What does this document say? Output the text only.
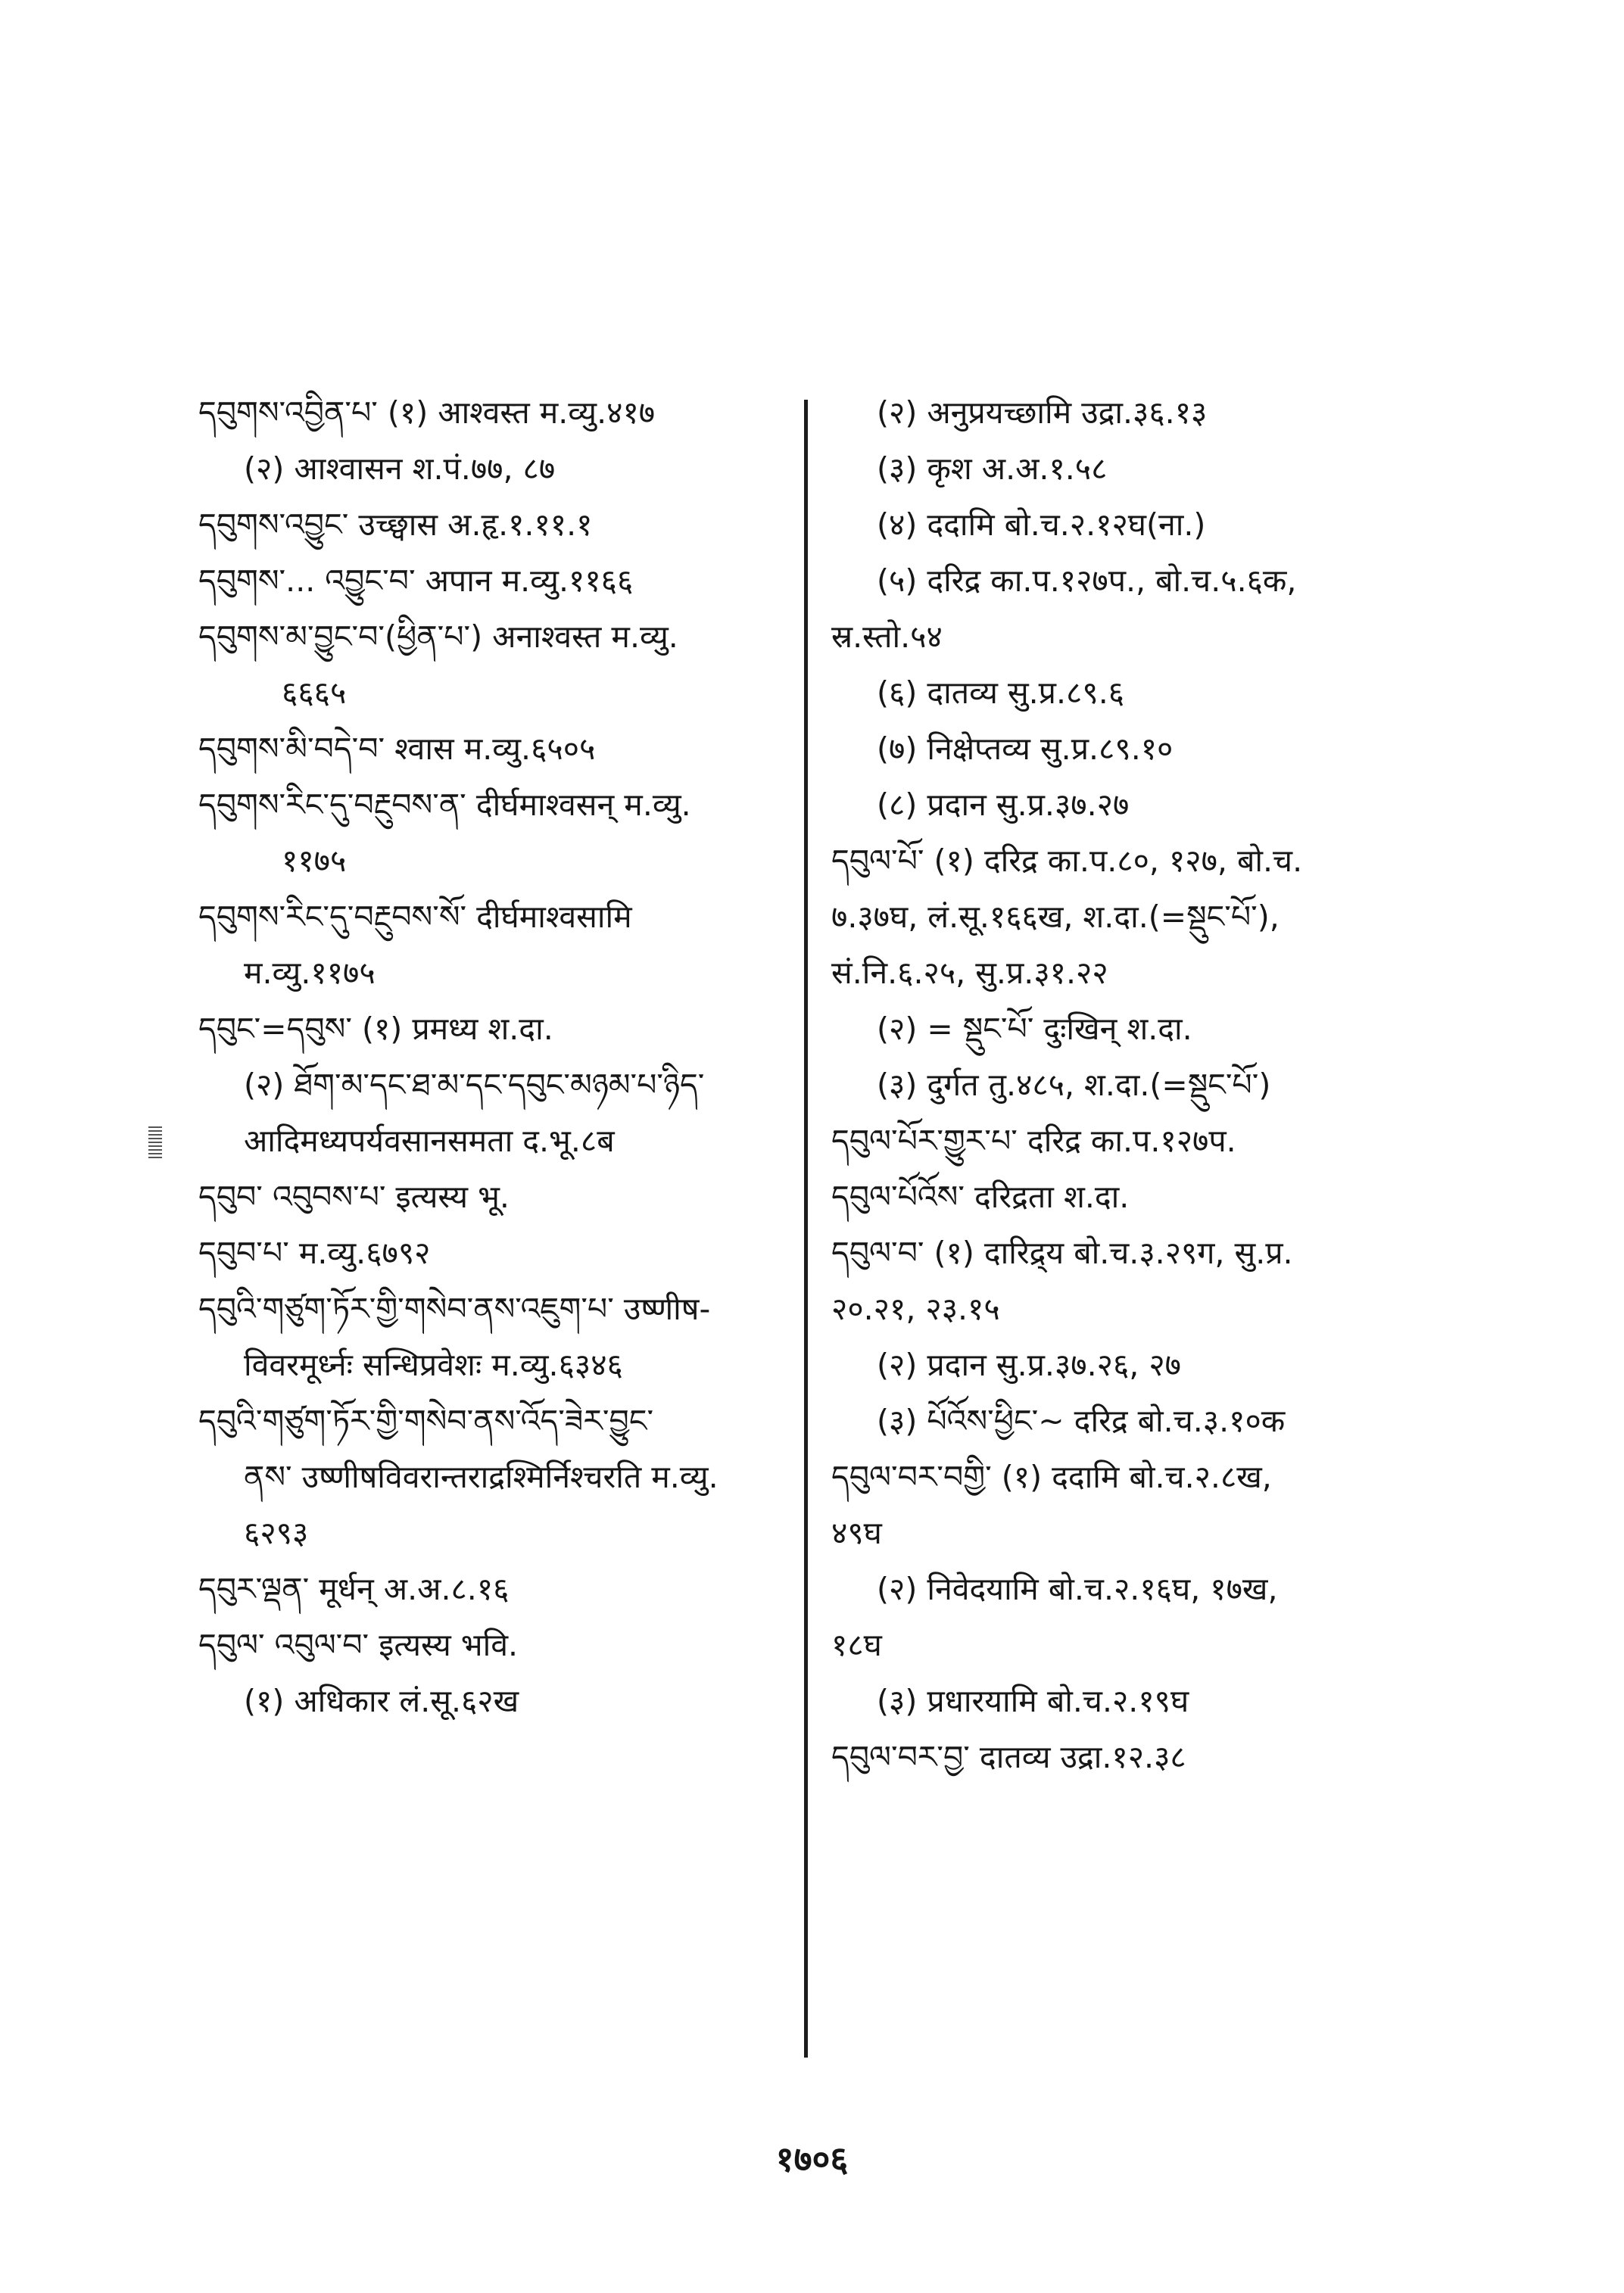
དབུགས་འབྱིན་པ་ (१) आश्वस्त म.व्यु.४१७
(२) आश्वासन श.पं.७७, ८७
དབུགས་འབྱུང་ उच्छ्वास अ.हृ.१.११.१
དབུགས་... འབྱུང་བ་ अपान म.व्यु.११६६
དབུགས་མ་བྱུང་བ་(ཕྱིན་པ་) अनाश्वस्त म.व्यु.
६६६५
དབུགས་མི་བདེ་བ་ श्वास म.व्यु.६५०५
དབུགས་རིང་དུ་བརྔུབས་ན་ दीर्घमाश्वसन् म.व्यु.
११७५
དབུགས་རིང་དུ་བརྔུབས་སོ་ दीर्घमाश्वसामि
म.व्यु.११७५
དབུང་=དབུས་ (१) प्रमध्य श.दा.
(२) ཐོག་མ་དང་ཐ་མ་དང་དབུང་མཉམ་པ་ཉིད་
आदिमध्यपर्यवसानसमता द.भू.८ब
དབུབ་ འབུབས་པ་ इत्यस्य भू.
དབུབ་པ་ म.व्यु.६७९२
དབུའི་གཙུག་ཏོར་གྱི་གསེབ་ནས་འཇུག་པ་ उष्णीष-
विवरमूर्ध्नः सन्धिप्रवेशः म.व्यु.६३४६
དབུའི་གཙུག་ཏོར་གྱི་གསེབ་ནས་འོད་ཟེར་བྱུང་
ནས་ उष्णीषविवरान्तराद्रश्मिर्निश्चरति म.व्यु.
६२९३
དབུར་ལྡན་ मूर्धन् अ.अ.८.१६
དབུལ་ འབུལ་བ་ इत्यस्य भवि.
(१) अधिकार लं.सू.६२ख
(२) अनुप्रयच्छामि उद्रा.३६.१३
(३) कृश अ.अ.१.५८
(४) ददामि बो.च.२.१२घ(ना.)
(५) दरिद्र का.प.१२७प., बो.च.५.६क,
स्र.स्तो.५४
(६) दातव्य सु.प्र.८९.६
(७) निक्षेप्तव्य सु.प्र.८९.१०
(८) प्रदान सु.प्र.३७.२७
དབུལ་པོ་ (१) दरिद्र का.प.८०, १२७, बो.च.
७.३७घ, लं.सू.१६६ख, श.दा.(=སྡུང་པོ་),
सं.नि.६.२५, सु.प्र.३१.२२
(२) = སྡུང་པོ་ दुःखिन् श.दा.
(३) दुर्गत तु.४८५, श.दा.(=སྡུང་པོ་)
དབུལ་པོར་གྱུར་པ་ दरिद्र का.प.१२७प.
དབུལ་པོའོས་ दरिद्रता श.दा.
དབུལ་བ་ (१) दारिद्र्य बो.च.३.२९ग, सु.प्र.
२०.२१, २३.१५
(२) प्रदान सु.प्र.३७.२६, २७
(३) པོའོས་ཕྱིང་~ दरिद्र बो.च.३.१०क
དབུལ་བར་བགྱི་ (१) ददामि बो.च.२.८ख,
४९घ
(२) निवेदयामि बो.च.२.१६घ, १७ख,
१८घ
(३) प्रधारयामि बो.च.२.१९घ
དབུལ་བར་བྱ་ दातव्य उद्रा.१२.३८
१७०६
